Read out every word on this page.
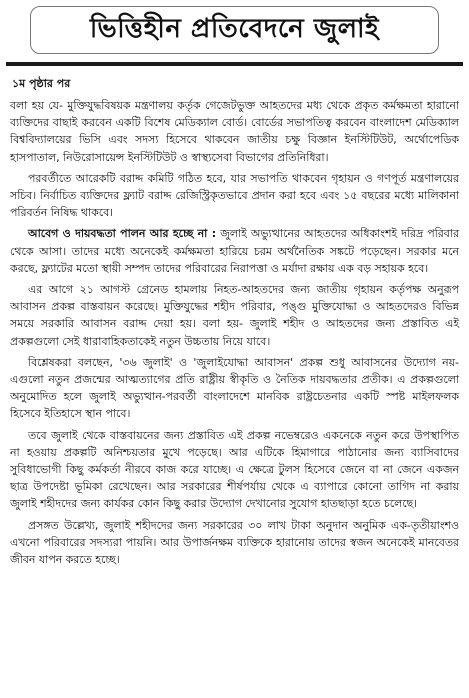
ভিত্তিহীন প্রতিবেদনে জুলাই
১ম পৃষ্ঠার পর

বলা হয় যে- মুক্তিযুদ্ধবিষয়ক মন্ত্রণালয় কর্তৃক গেজেটভুক্ত আহতদের মধ্য থেকে প্রকৃত কর্মক্ষমতা হারানো ব্যক্তিদের বাছাই করবেন একটি বিশেষ মেডিক্যাল বোর্ড। বোর্ডের সভাপতিত্ব করবেন বাংলাদেশ মেডিক্যাল বিশ্ববিদ্যালয়ের ভিসি এবং সদস্য হিসেবে থাকবেন জাতীয় চক্ষু বিজ্ঞান ইনস্টিটিউট, অর্থোপেডিক হাসপাতাল, নিউরোসায়েন্স ইনস্টিটিউট ও স্বাস্থ্যসেবা বিভাগের প্রতিনিধিরা।

পরবর্তীতে আরেকটি বরাদ্দ কমিটি গঠিত হবে, যার সভাপতি থাকবেন গৃহায়ন ও গণপূর্ত মন্ত্রণালয়ের সচিব। নির্বাচিত ব্যক্তিদের ফ্ল্যাট বরাদ্দ রেজিস্ট্রিকৃতভাবে প্রদান করা হবে এবং ১৫ বছরের মধ্যে মালিকানা পরিবর্তন নিষিদ্ধ থাকবে।

আবেগ ও দায়বদ্ধতা পালন আর হচ্ছে না : জুলাই অভ্যুত্থানের আহতদের অধিকাংশই দরিদ্র পরিবার থেকে আসা। তাদের মধ্যে অনেকেই কর্মক্ষমতা হারিয়ে চরম অর্থনৈতিক সঙ্কটে পড়েছেন। সরকার মনে করছে, ফ্ল্যাটের মতো স্থায়ী সম্পদ তাদের পরিবারের নিরাপত্তা ও মর্যাদা রক্ষায় এক বড় সহায়ক হবে।

এর আগে ২১ আগস্ট গ্রেনেড হামলায় নিহত-আহতদের জন্য জাতীয় গৃহায়ন কর্তৃপক্ষ অনুরূপ আবাসন প্রকল্প বাস্তবায়ন করেছে। মুক্তিযুদ্ধের শহীদ পরিবার, পঙ্গু মুক্তিযোদ্ধা ও আহতদেরও বিভিন্ন সময়ে সরকারি আবাসন বরাদ্দ দেয়া হয়। বলা হয়- জুলাই শহীদ ও আহতদের জন্য প্রস্তাবিত এই প্রকল্পগুলো সেই ধারাবাহিকতাকেই নতুন উচ্চতায় নিয়ে যাবে।

বিশ্লেষকরা বলছেন, '৩৬ জুলাই' ও 'জুলাইযোদ্ধা আবাসন' প্রকল্প শুধু আবাসনের উদ্যোগ নয়- এগুলো নতুন প্রজন্মের আত্মত্যাগের প্রতি রাষ্ট্রীয় স্বীকৃতি ও নৈতিক দায়বদ্ধতার প্রতীক। এ প্রকল্পগুলো অনুমোদিত হলে জুলাই অভ্যুত্থান-পরবর্তী বাংলাদেশে মানবিক রাষ্ট্রচেতনার একটি স্পষ্ট মাইলফলক হিসেবে ইতিহাসে স্থান পাবে।

তবে জুলাই থেকে বাস্তবায়নের জন্য প্রস্তাবিত এই প্রকল্প নভেম্বরেও একনেকে নতুন করে উপস্থাপিত না হওয়ায় প্রকল্পটি অনিশ্চয়তার মুখে পড়েছে। আর এটিকে হিমাগারে পাঠানোর জন্য ব্যাসিবাদের সুবিধাভোগী কিছু কর্মকর্তা নীরবে কাজ করে যাচ্ছে। এ ক্ষেত্রে টুলস হিসেবে জেনে বা না জেনে একজন ছাত্র উপদেষ্টা ভূমিকা রেখেছেন। আর সরকারের শীর্ষপর্যায় থেকে এ ব্যাপারে কোনো তাগিদ না করায় জুলাই শহীদদের জন্য কার্যকর কোন কিছু করার উদ্যোগ দেখানোর সুযোগ হাতছাড়া হতে চলেছে।

প্রসঙ্গত উল্লেখ্য, জুলাই শহীদদের জন্য সরকারের ৩০ লাখ টাকা অনুদান অনুমিক এক-তৃতীয়াংশও এখনো পরিবারের সদস্যরা পায়নি। আর উপার্জনক্ষম ব্যক্তিকে হারানোয় তাদের স্বজন অনেকেই মানবেতর জীবন যাপন করতে হচ্ছে।
